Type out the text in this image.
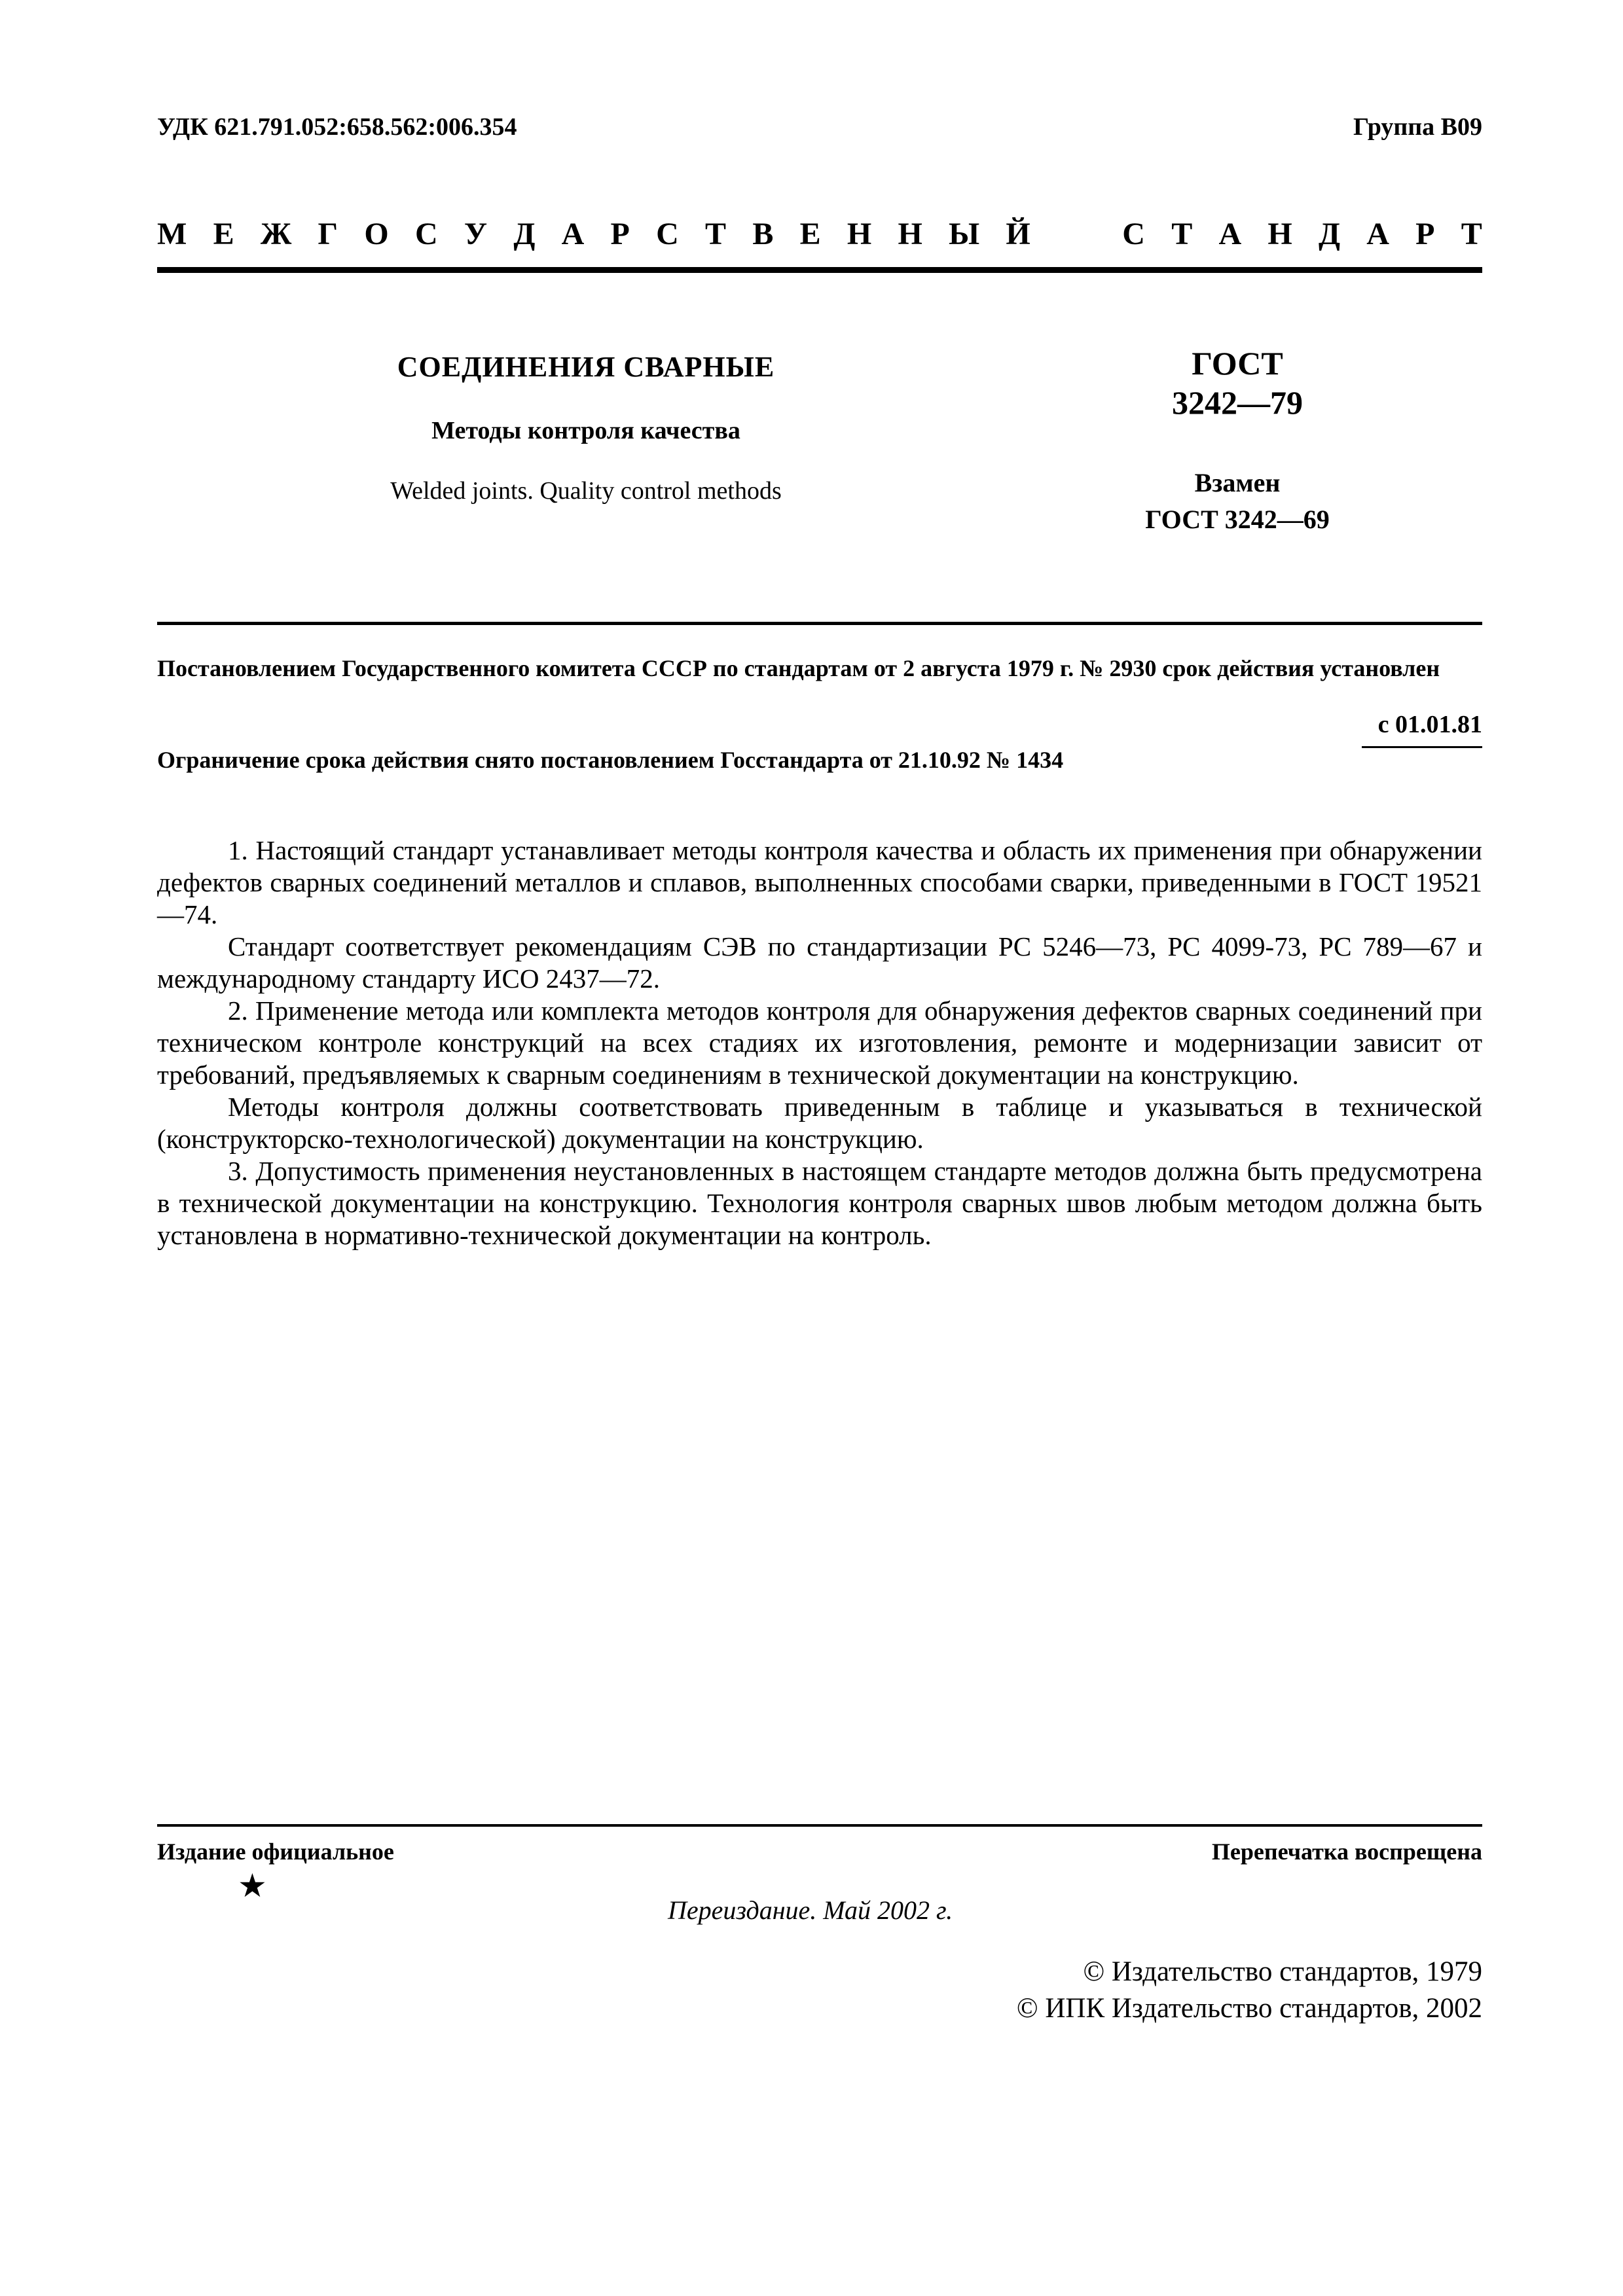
УДК 621.791.052:658.562:006.354	Группа В09
М Е Ж Г О С У Д А Р С Т В Е Н Н Ы Й	С Т А Н Д А Р Т
СОЕДИНЕНИЯ СВАРНЫЕ
Методы контроля качества
Welded joints. Quality control methods
ГОСТ
3242—79
Взамен
ГОСТ 3242—69
Постановлением Государственного комитета СССР по стандартам от 2 августа 1979 г. № 2930 срок действия установлен
с 01.01.81
Ограничение срока действия снято постановлением Госстандарта от 21.10.92 № 1434

1. Настоящий стандарт устанавливает методы контроля качества и область их применения при обнаружении дефектов сварных соединений металлов и сплавов, выполненных способами сварки, приведенными в ГОСТ 19521—74.

Стандарт соответствует рекомендациям СЭВ по стандартизации PC 5246—73, PC 4099-73, PC 789—67 и международному стандарту ИСО 2437—72.

2. Применение метода или комплекта методов контроля для обнаружения дефектов сварных соединений при техническом контроле конструкций на всех стадиях их изготовления, ремонте и модернизации зависит от требований, предъявляемых к сварным соединениям в технической документации на конструкцию.

Методы контроля должны соответствовать приведенным в таблице и указываться в технической (конструкторско-технологической) документации на конструкцию.

3. Допустимость применения неустановленных в настоящем стандарте методов должна быть предусмотрена в технической документации на конструкцию. Технология контроля сварных швов любым методом должна быть установлена в нормативно-технической документации на контроль.

Издание официальное	Перепечатка воспрещена
★
Переиздание. Май 2002 г.
© Издательство стандартов, 1979
© ИПК Издательство стандартов, 2002
